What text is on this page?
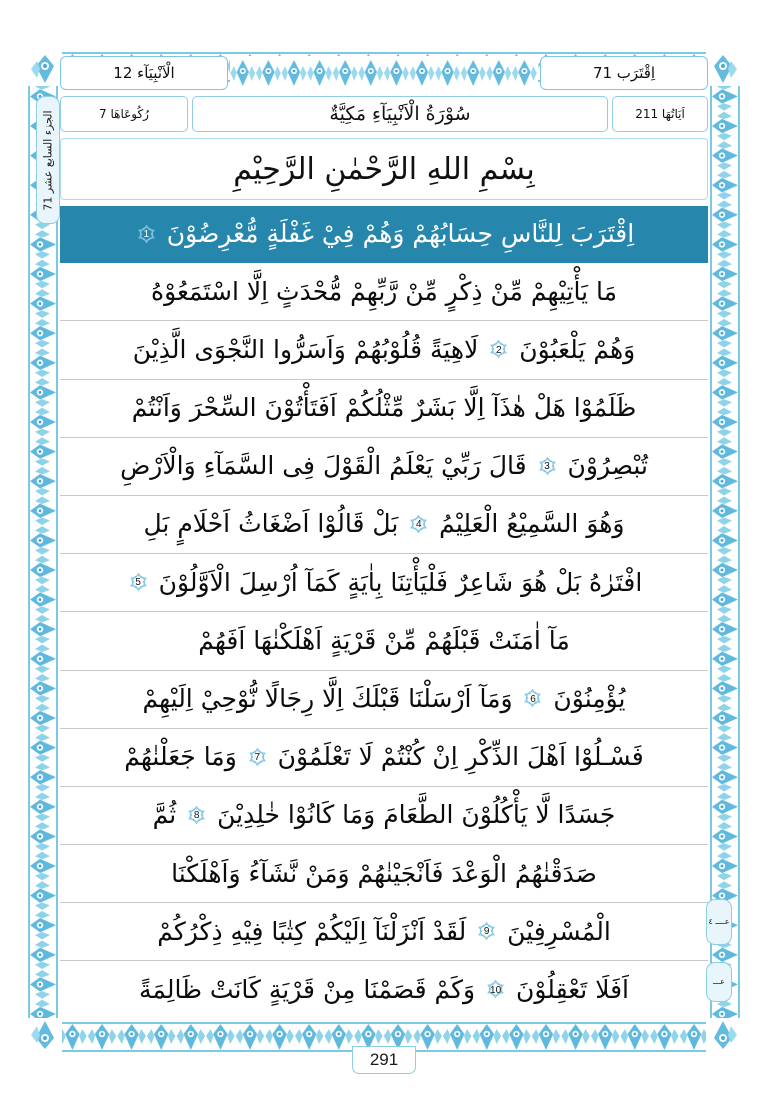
الجزء السابع عشر 17
عــــ ٤
عـــ
الْاَنْبِيَآء 21	اِقْتَرَب 17
رُكُوعَاهَا 7	سُوْرَةُ الْاَنْبِيَآءِ مَكِيَّةٌ	اَيَاتُهَا 112
بِسْمِ اللهِ الرَّحْمٰنِ الرَّحِيْمِ
اِقْتَرَبَ لِلنَّاسِ حِسَابُهُمْ وَهُمْ فِيْ غَفْلَةٍ مُّعْرِضُوْنَ
1
مَا يَأْتِيْهِمْ مِّنْ ذِكْرٍ مِّنْ رَّبِّهِمْ مُّحْدَثٍ اِلَّا اسْتَمَعُوْهُ
وَهُمْ يَلْعَبُوْنَ
2
لَاهِيَةً قُلُوْبُهُمْ وَاَسَرُّوا النَّجْوَى الَّذِيْنَ
ظَلَمُوْا هَلْ هٰذَآ اِلَّا بَشَرٌ مِّثْلُكُمْ اَفَتَأْتُوْنَ السِّحْرَ وَاَنْتُمْ
تُبْصِرُوْنَ
3
قَالَ رَبِّيْ يَعْلَمُ الْقَوْلَ فِى السَّمَآءِ وَالْاَرْضِ
وَهُوَ السَّمِيْعُ الْعَلِيْمُ
4
بَلْ قَالُوْا اَضْغَاثُ اَحْلَامٍ بَلِ
افْتَرٰهُ بَلْ هُوَ شَاعِرٌ فَلْيَأْتِنَا بِاٰيَةٍ كَمَآ اُرْسِلَ الْاَوَّلُوْنَ
5
مَآ اٰمَنَتْ قَبْلَهُمْ مِّنْ قَرْيَةٍ اَهْلَكْنٰهَا اَفَهُمْ
يُؤْمِنُوْنَ
6
وَمَآ اَرْسَلْنَا قَبْلَكَ اِلَّا رِجَالًا نُّوْحِيْ اِلَيْهِمْ
فَسْـلُوْا اَهْلَ الذِّكْرِ اِنْ كُنْتُمْ لَا تَعْلَمُوْنَ
7
وَمَا جَعَلْنٰهُمْ
جَسَدًا لَّا يَأْكُلُوْنَ الطَّعَامَ وَمَا كَانُوْا خٰلِدِيْنَ
8
ثُمَّ
صَدَقْنٰهُمُ الْوَعْدَ فَاَنْجَيْنٰهُمْ وَمَنْ نَّشَآءُ وَاَهْلَكْنَا
الْمُسْرِفِيْنَ
9
لَقَدْ اَنْزَلْنَآ اِلَيْكُمْ كِتٰبًا فِيْهِ ذِكْرُكُمْ
اَفَلَا تَعْقِلُوْنَ
10
وَكَمْ قَصَمْنَا مِنْ قَرْيَةٍ كَانَتْ ظَالِمَةً
291
